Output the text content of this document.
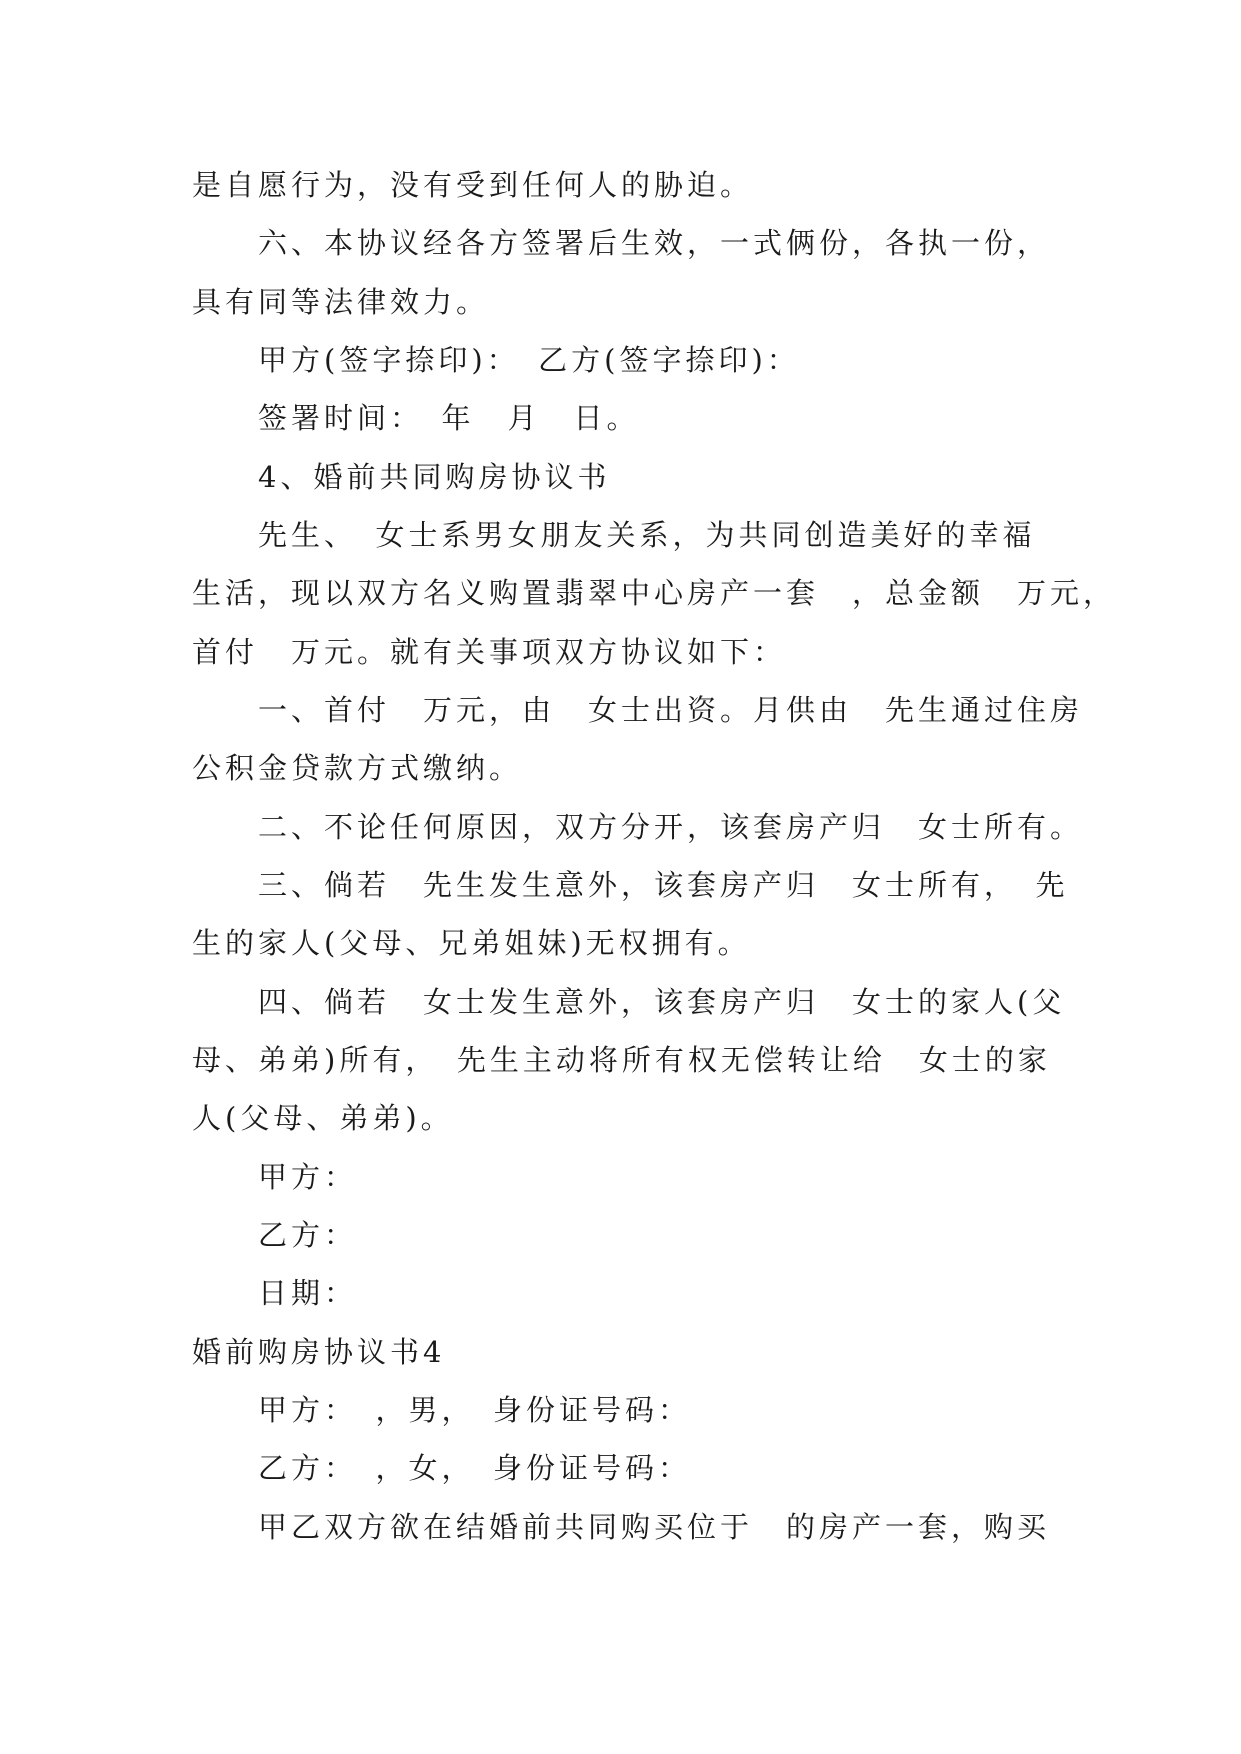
是自愿行为，没有受到任何人的胁迫。
六、本协议经各方签署后生效，一式俩份，各执一份，
具有同等法律效力。
甲方(签字捺印)：　乙方(签字捺印)：
签署时间：　年　月　日。
4、婚前共同购房协议书
先生、　女士系男女朋友关系，为共同创造美好的幸福
生活，现以双方名义购置翡翠中心房产一套　，总金额　万元，
首付　万元。就有关事项双方协议如下：
一、首付　万元，由　女士出资。月供由　先生通过住房
公积金贷款方式缴纳。
二、不论任何原因，双方分开，该套房产归　女士所有。
三、倘若　先生发生意外，该套房产归　女士所有，　先
生的家人(父母、兄弟姐妹)无权拥有。
四、倘若　女士发生意外，该套房产归　女士的家人(父
母、弟弟)所有，　先生主动将所有权无偿转让给　女士的家
人(父母、弟弟)。
甲方：
乙方：
日期：
婚前购房协议书4
甲方：　，男，　身份证号码：
乙方：　，女，　身份证号码：
甲乙双方欲在结婚前共同购买位于　的房产一套，购买
